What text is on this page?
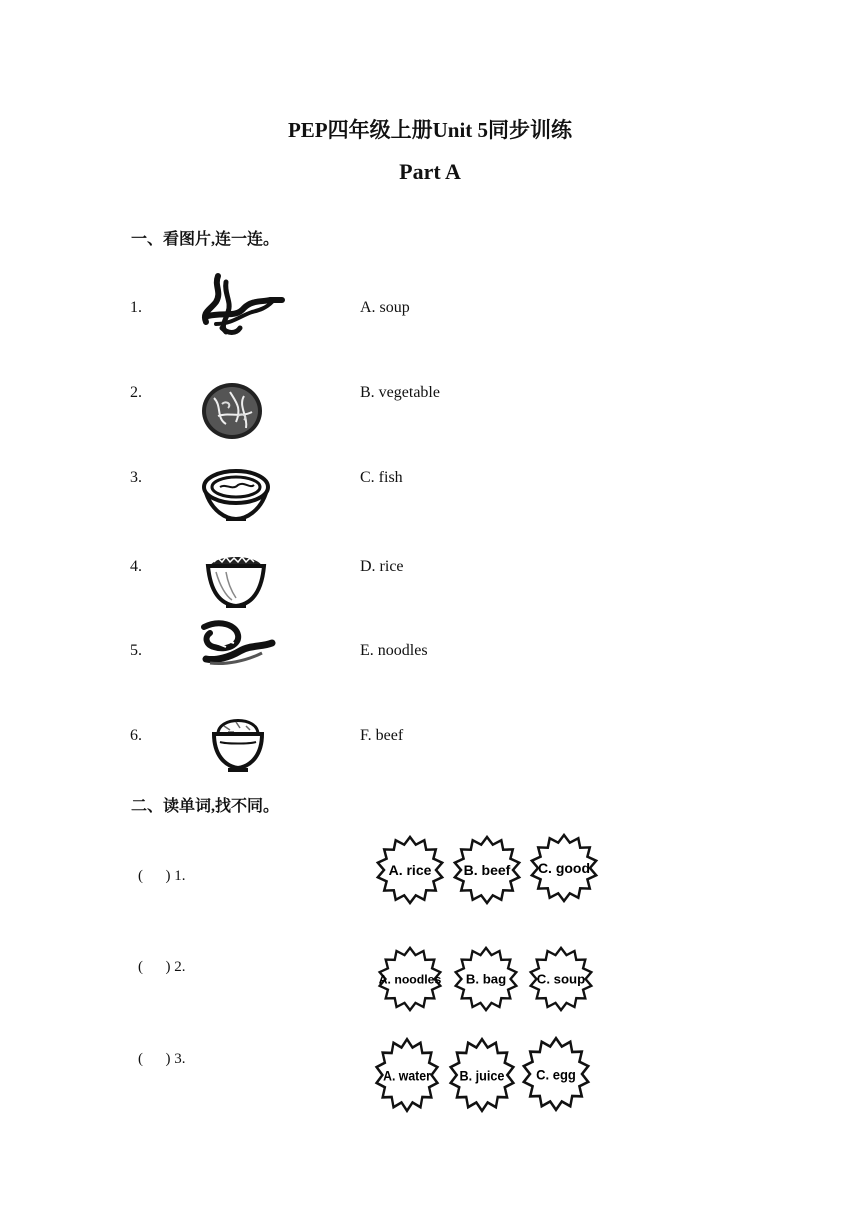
PEP四年级上册Unit 5同步训练
Part A
一、看图片,连一连。
1.
2.
3.
4.
5.
6.
A. soup
B. vegetable
C. fish
D. rice
E. noodles
F. beef
二、读单词,找不同。
(      ) 1.
(      ) 2.
(      ) 3.
A. rice B. beef C. good
A. noodles B. bag C. soup
A. water B. juice C. egg
